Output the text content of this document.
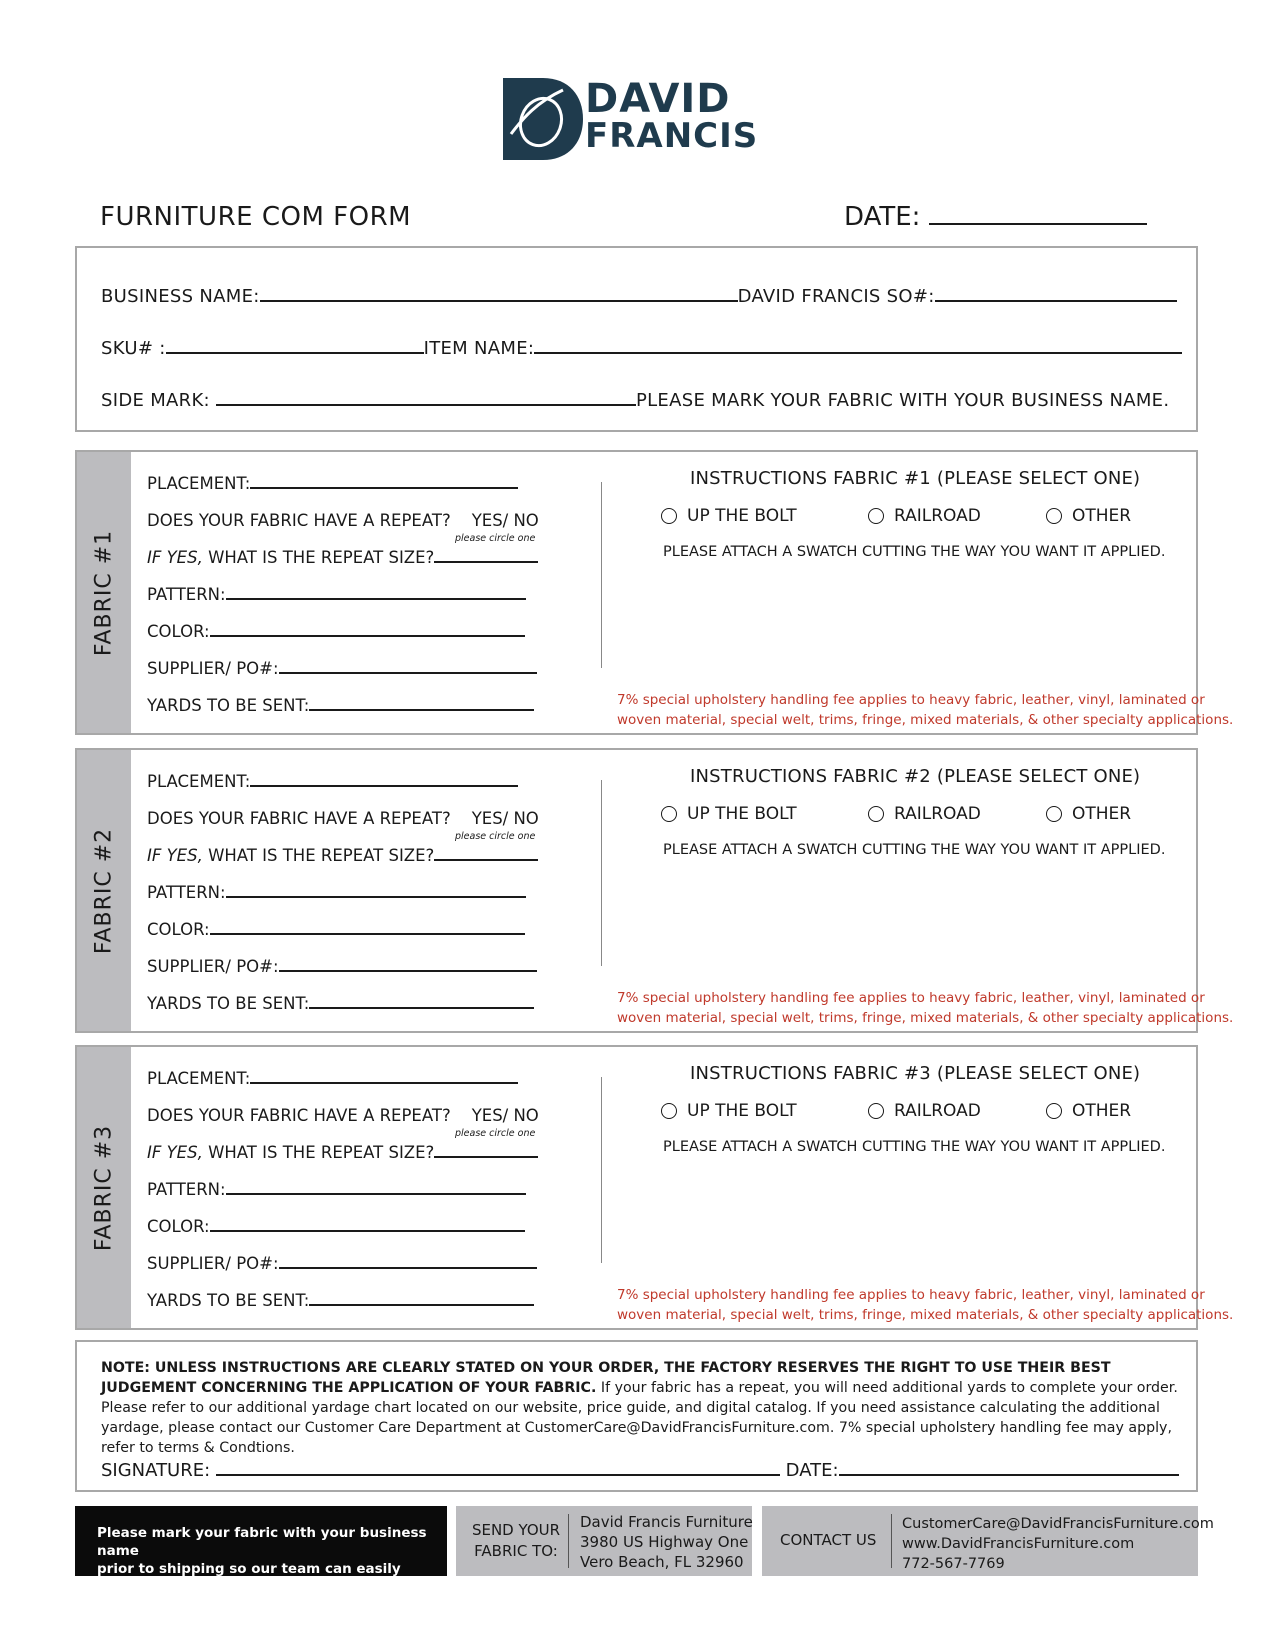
DAVID
FRANCIS
FURNITURE COM FORM	DATE:
BUSINESS NAME:	DAVID FRANCIS SO#:
SKU# :	ITEM NAME:
SIDE MARK:	PLEASE MARK YOUR FABRIC WITH YOUR BUSINESS NAME.
FABRIC #1
PLACEMENT:
DOES YOUR FABRIC HAVE A REPEAT? YES/ NO
please circle one
IF YES, WHAT IS THE REPEAT SIZE?
PATTERN:
COLOR:
SUPPLIER/ PO#:
YARDS TO BE SENT:
INSTRUCTIONS FABRIC #1 (PLEASE SELECT ONE)
UP THE BOLT	RAILROAD	OTHER
PLEASE ATTACH A SWATCH CUTTING THE WAY YOU WANT IT APPLIED.
7% special upholstery handling fee applies to heavy fabric, leather, vinyl, laminated or
woven material, special welt, trims, fringe, mixed materials, & other specialty applications.
FABRIC #2
PLACEMENT:
DOES YOUR FABRIC HAVE A REPEAT? YES/ NO
please circle one
IF YES, WHAT IS THE REPEAT SIZE?
PATTERN:
COLOR:
SUPPLIER/ PO#:
YARDS TO BE SENT:
INSTRUCTIONS FABRIC #2 (PLEASE SELECT ONE)
UP THE BOLT	RAILROAD	OTHER
PLEASE ATTACH A SWATCH CUTTING THE WAY YOU WANT IT APPLIED.
7% special upholstery handling fee applies to heavy fabric, leather, vinyl, laminated or
woven material, special welt, trims, fringe, mixed materials, & other specialty applications.
FABRIC #3
PLACEMENT:
DOES YOUR FABRIC HAVE A REPEAT? YES/ NO
please circle one
IF YES, WHAT IS THE REPEAT SIZE?
PATTERN:
COLOR:
SUPPLIER/ PO#:
YARDS TO BE SENT:
INSTRUCTIONS FABRIC #3 (PLEASE SELECT ONE)
UP THE BOLT	RAILROAD	OTHER
PLEASE ATTACH A SWATCH CUTTING THE WAY YOU WANT IT APPLIED.
7% special upholstery handling fee applies to heavy fabric, leather, vinyl, laminated or
woven material, special welt, trims, fringe, mixed materials, & other specialty applications.
NOTE: UNLESS INSTRUCTIONS ARE CLEARLY STATED ON YOUR ORDER, THE FACTORY RESERVES THE RIGHT TO USE THEIR BEST JUDGEMENT CONCERNING THE APPLICATION OF YOUR FABRIC. If your fabric has a repeat, you will need additional yards to complete your order. Please refer to our additional yardage chart located on our website, price guide, and digital catalog. If you need assistance calculating the additional yardage, please contact our Customer Care Department at CustomerCare@DavidFrancisFurniture.com. 7% special upholstery handling fee may apply, refer to terms & Condtions.
SIGNATURE:	DATE:
Please mark your fabric with your business name
prior to shipping so our team can easily identify it.
SEND YOUR
FABRIC TO:
David Francis Furniture
3980 US Highway One
Vero Beach, FL 32960
CONTACT US
CustomerCare@DavidFrancisFurniture.com
www.DavidFrancisFurniture.com
772-567-7769
